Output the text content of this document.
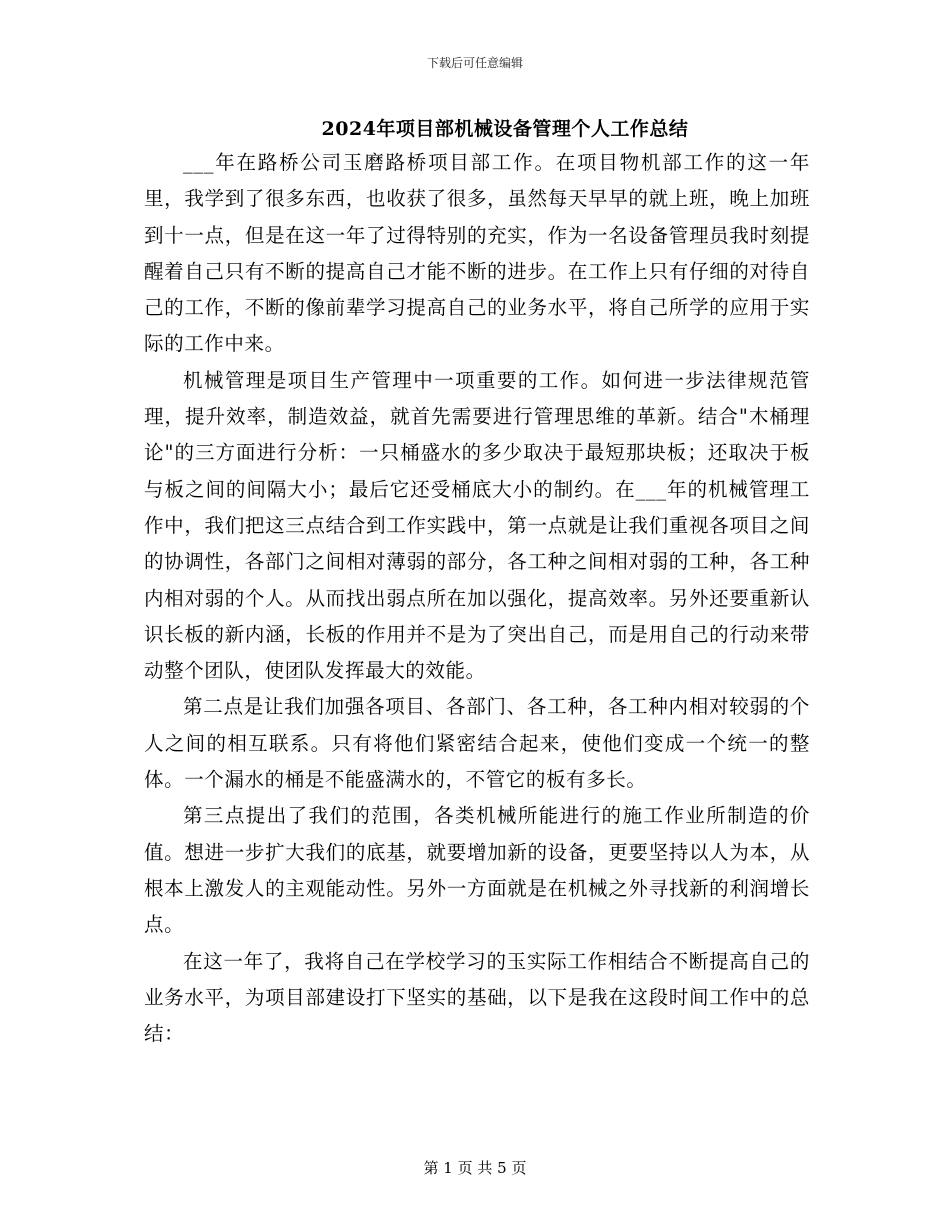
下载后可任意编辑
2024年项目部机械设备管理个人工作总结

___年在路桥公司玉磨路桥项目部工作。在项目物机部工作的这一年里，我学到了很多东西，也收获了很多，虽然每天早早的就上班，晚上加班到十一点，但是在这一年了过得特别的充实，作为一名设备管理员我时刻提醒着自己只有不断的提高自己才能不断的进步。在工作上只有仔细的对待自己的工作，不断的像前辈学习提高自己的业务水平，将自己所学的应用于实际的工作中来。

机械管理是项目生产管理中一项重要的工作。如何进一步法律规范管理，提升效率，制造效益，就首先需要进行管理思维的革新。结合"木桶理论"的三方面进行分析：一只桶盛水的多少取决于最短那块板；还取决于板与板之间的间隔大小；最后它还受桶底大小的制约。在___年的机械管理工作中，我们把这三点结合到工作实践中，第一点就是让我们重视各项目之间的协调性，各部门之间相对薄弱的部分，各工种之间相对弱的工种，各工种内相对弱的个人。从而找出弱点所在加以强化，提高效率。另外还要重新认识长板的新内涵，长板的作用并不是为了突出自己，而是用自己的行动来带动整个团队，使团队发挥最大的效能。

第二点是让我们加强各项目、各部门、各工种，各工种内相对较弱的个人之间的相互联系。只有将他们紧密结合起来，使他们变成一个统一的整体。一个漏水的桶是不能盛满水的，不管它的板有多长。

第三点提出了我们的范围，各类机械所能进行的施工作业所制造的价值。想进一步扩大我们的底基，就要增加新的设备，更要坚持以人为本，从根本上激发人的主观能动性。另外一方面就是在机械之外寻找新的利润增长点。

在这一年了，我将自己在学校学习的玉实际工作相结合不断提高自己的业务水平，为项目部建设打下坚实的基础，以下是我在这段时间工作中的总结：

第 1 页 共 5 页
